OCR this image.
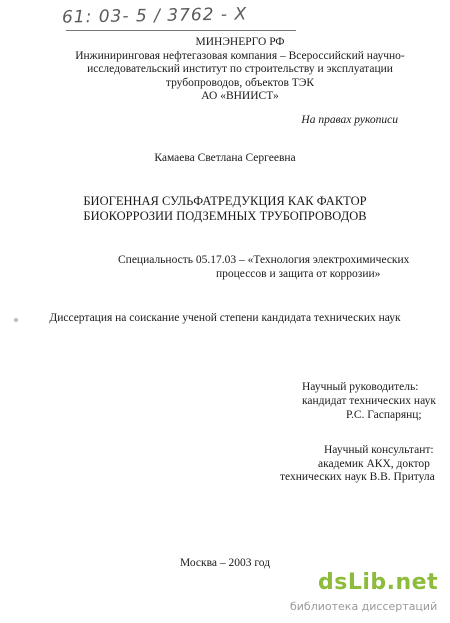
61: 03- 5 / 3762 - X
МИНЭНЕРГО РФ
Инжиниринговая нефтегазовая компания – Всероссийский научно-
исследовательский институт по строительству и эксплуатации
трубопроводов, объектов ТЭК
АО «ВНИИСТ»
На правах рукописи
Камаева Светлана Сергеевна
БИОГЕННАЯ СУЛЬФАТРЕДУКЦИЯ КАК ФАКТОР
БИОКОРРОЗИИ ПОДЗЕМНЫХ ТРУБОПРОВОДОВ
Специальность 05.17.03 – «Технология электрохимических
процессов и защита от коррозии»
Диссертация на соискание ученой степени кандидата технических наук
Научный руководитель:
кандидат технических наук
Р.С. Гаспарянц;
Научный консультант:
академик АКХ, доктор
технических наук В.В. Притула
Москва – 2003 год
dsLib.net
библиотека диссертаций
